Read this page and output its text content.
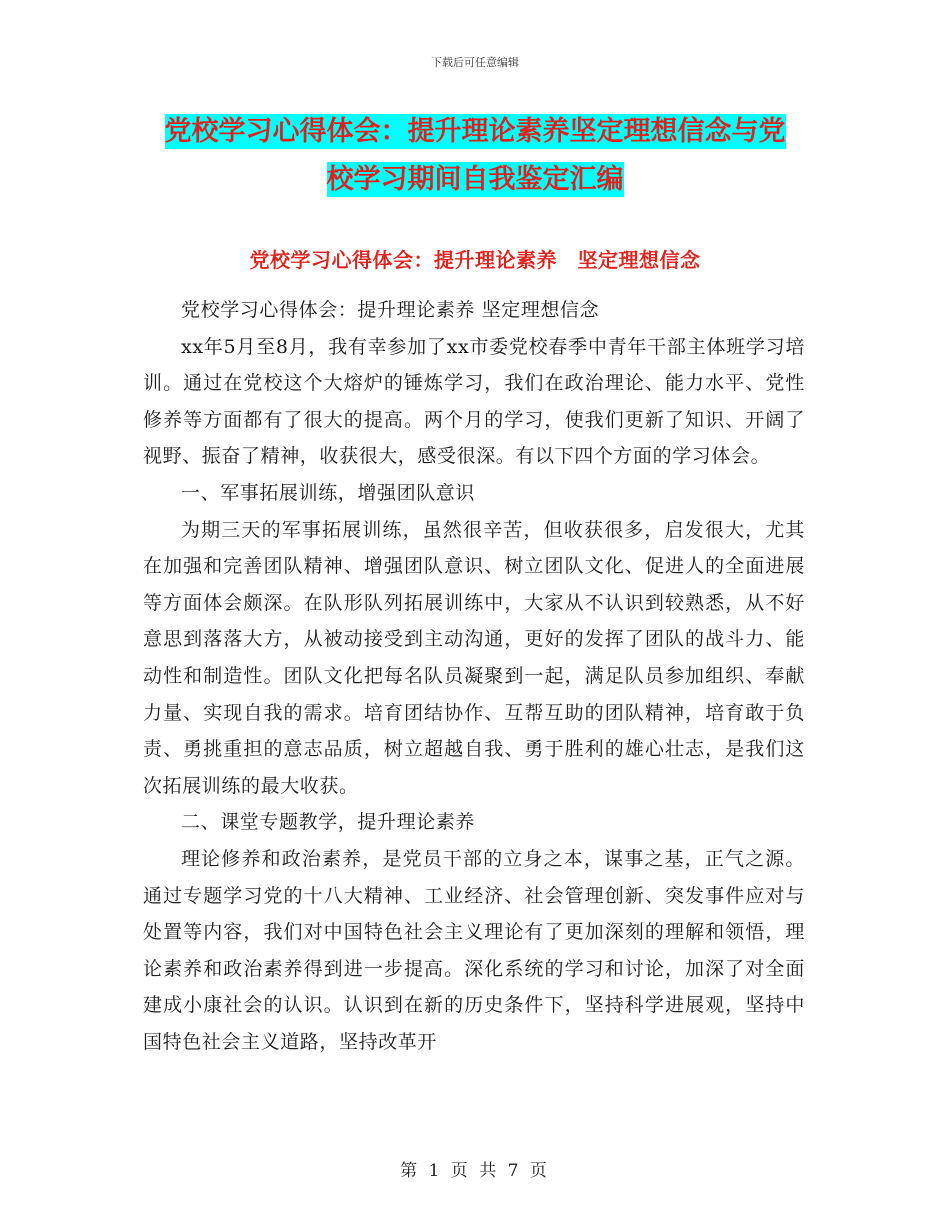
下载后可任意编辑
党校学习心得体会：提升理论素养坚定理想信念与党
校学习期间自我鉴定汇编
党校学习心得体会：提升理论素养　坚定理想信念

党校学习心得体会：提升理论素养 坚定理想信念

xx年5月至8月，我有幸参加了xx市委党校春季中青年干部主体班学习培训。通过在党校这个大熔炉的锤炼学习，我们在政治理论、能力水平、党性修养等方面都有了很大的提高。两个月的学习，使我们更新了知识、开阔了视野、振奋了精神，收获很大，感受很深。有以下四个方面的学习体会。

一、军事拓展训练，增强团队意识

为期三天的军事拓展训练，虽然很辛苦，但收获很多，启发很大，尤其在加强和完善团队精神、增强团队意识、树立团队文化、促进人的全面进展等方面体会颇深。在队形队列拓展训练中，大家从不认识到较熟悉，从不好意思到落落大方，从被动接受到主动沟通，更好的发挥了团队的战斗力、能动性和制造性。团队文化把每名队员凝聚到一起，满足队员参加组织、奉献力量、实现自我的需求。培育团结协作、互帮互助的团队精神，培育敢于负责、勇挑重担的意志品质，树立超越自我、勇于胜利的雄心壮志，是我们这次拓展训练的最大收获。

二、课堂专题教学，提升理论素养

理论修养和政治素养，是党员干部的立身之本，谋事之基，正气之源。通过专题学习党的十八大精神、工业经济、社会管理创新、突发事件应对与处置等内容，我们对中国特色社会主义理论有了更加深刻的理解和领悟，理论素养和政治素养得到进一步提高。深化系统的学习和讨论，加深了对全面建成小康社会的认识。认识到在新的历史条件下，坚持科学进展观，坚持中国特色社会主义道路，坚持改革开

第 1 页 共 7 页
